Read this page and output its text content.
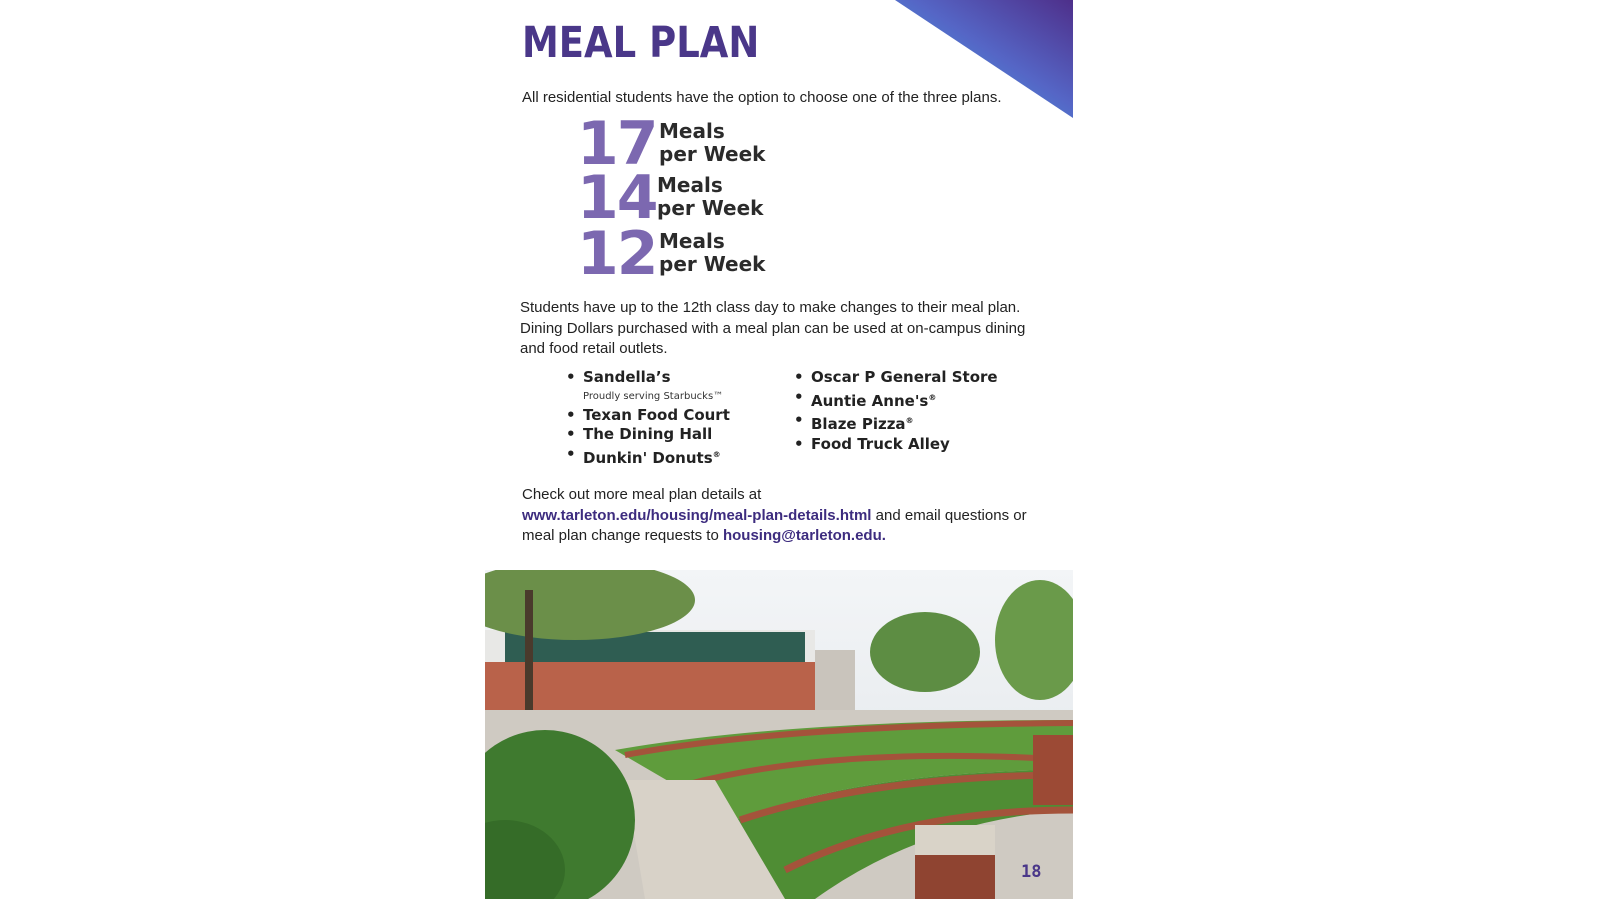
MEAL PLAN
All residential students have the option to choose one of the three plans.
17 Meals
per Week
14 Meals
per Week
12 Meals
per Week
Students have up to the 12th class day to make changes to their meal plan. Dining Dollars purchased with a meal plan can be used at on-campus dining and food retail outlets.
• Sandella’s
Proudly serving Starbucks™
• Texan Food Court
• The Dining Hall
• Dunkin' Donuts®
• Oscar P General Store
• Auntie Anne's®
• Blaze Pizza®
• Food Truck Alley
Check out more meal plan details at
www.tarleton.edu/housing/meal-plan-details.html and email questions or meal plan change requests to housing@tarleton.edu.
18
